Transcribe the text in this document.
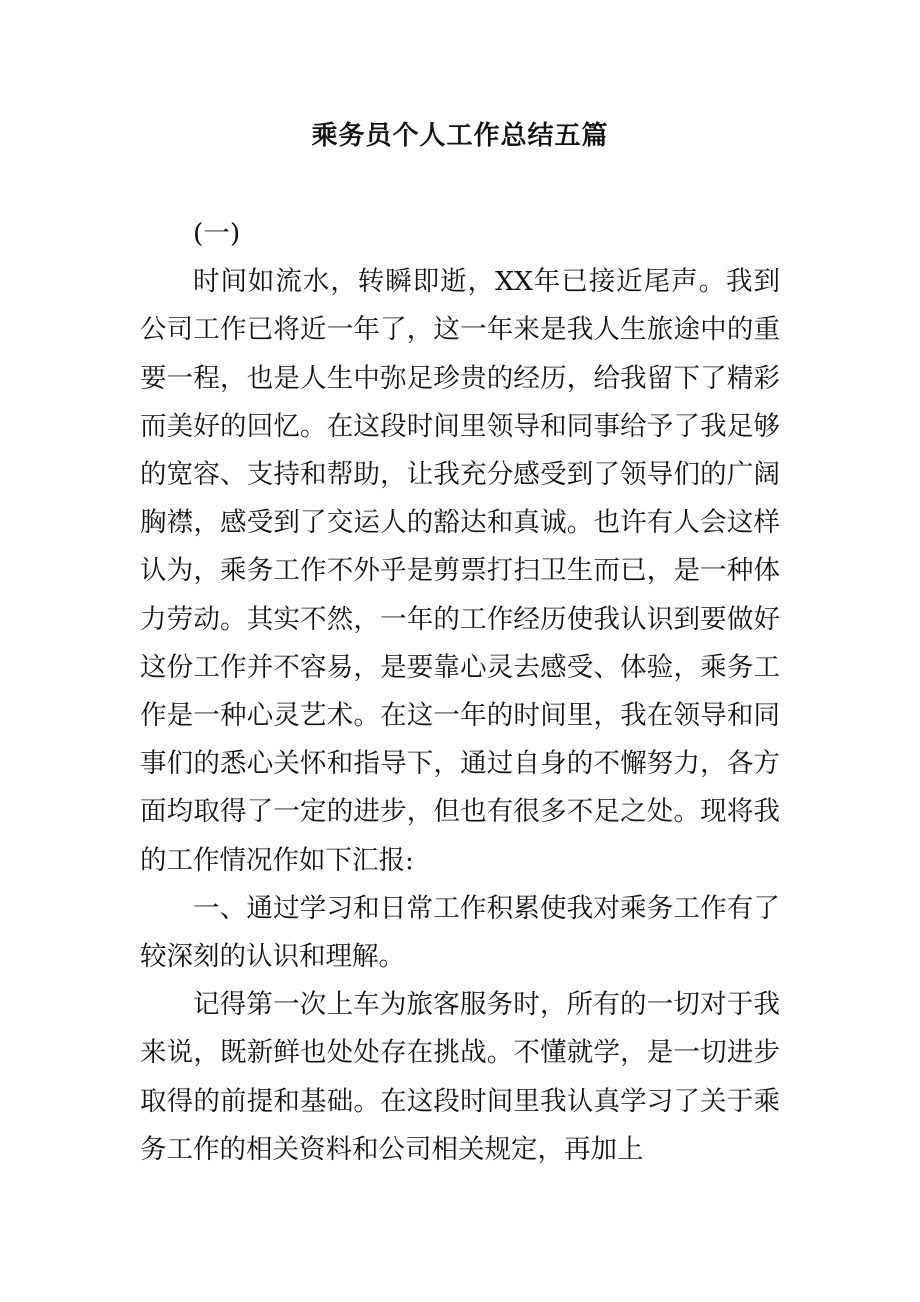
乘务员个人工作总结五篇

(一)

时间如流水，转瞬即逝，XX年已接近尾声。我到公司工作已将近一年了，这一年来是我人生旅途中的重要一程，也是人生中弥足珍贵的经历，给我留下了精彩而美好的回忆。在这段时间里领导和同事给予了我足够的宽容、支持和帮助，让我充分感受到了领导们的广阔胸襟，感受到了交运人的豁达和真诚。也许有人会这样认为，乘务工作不外乎是剪票打扫卫生而已，是一种体力劳动。其实不然，一年的工作经历使我认识到要做好这份工作并不容易，是要靠心灵去感受、体验，乘务工作是一种心灵艺术。在这一年的时间里，我在领导和同事们的悉心关怀和指导下，通过自身的不懈努力，各方面均取得了一定的进步，但也有很多不足之处。现将我的工作情况作如下汇报:

一、通过学习和日常工作积累使我对乘务工作有了较深刻的认识和理解。

记得第一次上车为旅客服务时，所有的一切对于我来说，既新鲜也处处存在挑战。不懂就学，是一切进步取得的前提和基础。在这段时间里我认真学习了关于乘务工作的相关资料和公司相关规定，再加上
